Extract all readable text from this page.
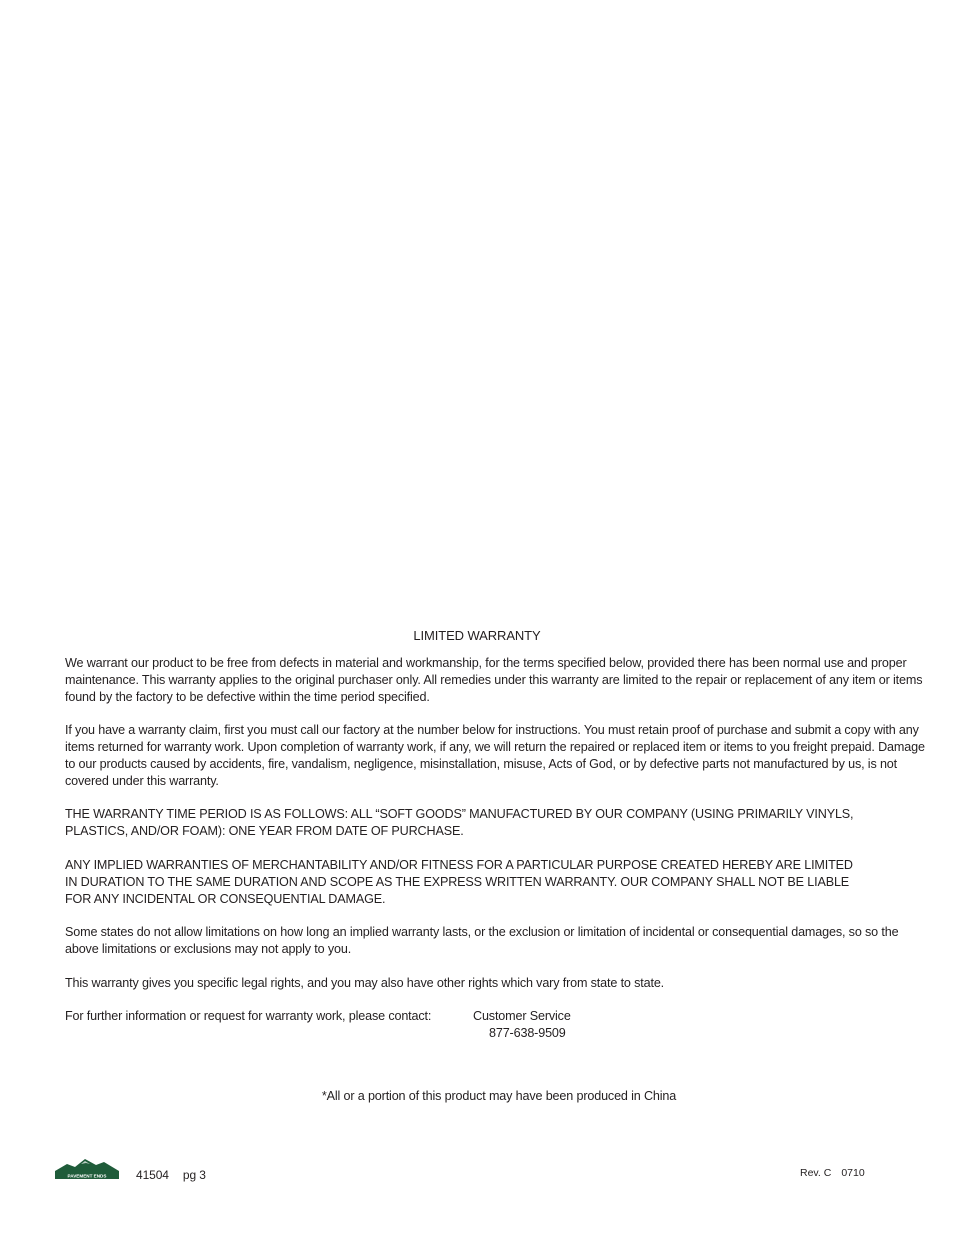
LIMITED WARRANTY

We warrant our product to be free from defects in material and workmanship, for the terms specified below, provided there has been normal use and proper maintenance. This warranty applies to the original purchaser only. All remedies under this warranty are limited to the repair or replacement of any item or items found by the factory to be defective within the time period specified.

If you have a warranty claim, first you must call our factory at the number below for instructions. You must retain proof of purchase and submit a copy with any items returned for warranty work. Upon completion of warranty work, if any, we will return the repaired or replaced item or items to you freight prepaid. Damage to our products caused by accidents, fire, vandalism, negligence, misinstallation, misuse, Acts of God, or by defective parts not manufactured by us, is not covered under this warranty.

THE WARRANTY TIME PERIOD IS AS FOLLOWS: ALL “SOFT GOODS” MANUFACTURED BY OUR COMPANY (USING PRIMARILY VINYLS, PLASTICS, AND/OR FOAM): ONE YEAR FROM DATE OF PURCHASE.

ANY IMPLIED WARRANTIES OF MERCHANTABILITY AND/OR FITNESS FOR A PARTICULAR PURPOSE CREATED HEREBY ARE LIMITED IN DURATION TO THE SAME DURATION AND SCOPE AS THE EXPRESS WRITTEN WARRANTY. OUR COMPANY SHALL NOT BE LIABLE FOR ANY INCIDENTAL OR CONSEQUENTIAL DAMAGE.

Some states do not allow limitations on how long an implied warranty lasts, or the exclusion or limitation of incidental or consequential damages, so so the above limitations or exclusions may not apply to you.

This warranty gives you specific legal rights, and you may also have other rights which vary from state to state.

For further information or request for warranty work, please contact:	Customer Service
877-638-9509
*All or a portion of this product may have been produced in China
PAVEMENT ENDS 41504 pg 3	Rev. C 0710
